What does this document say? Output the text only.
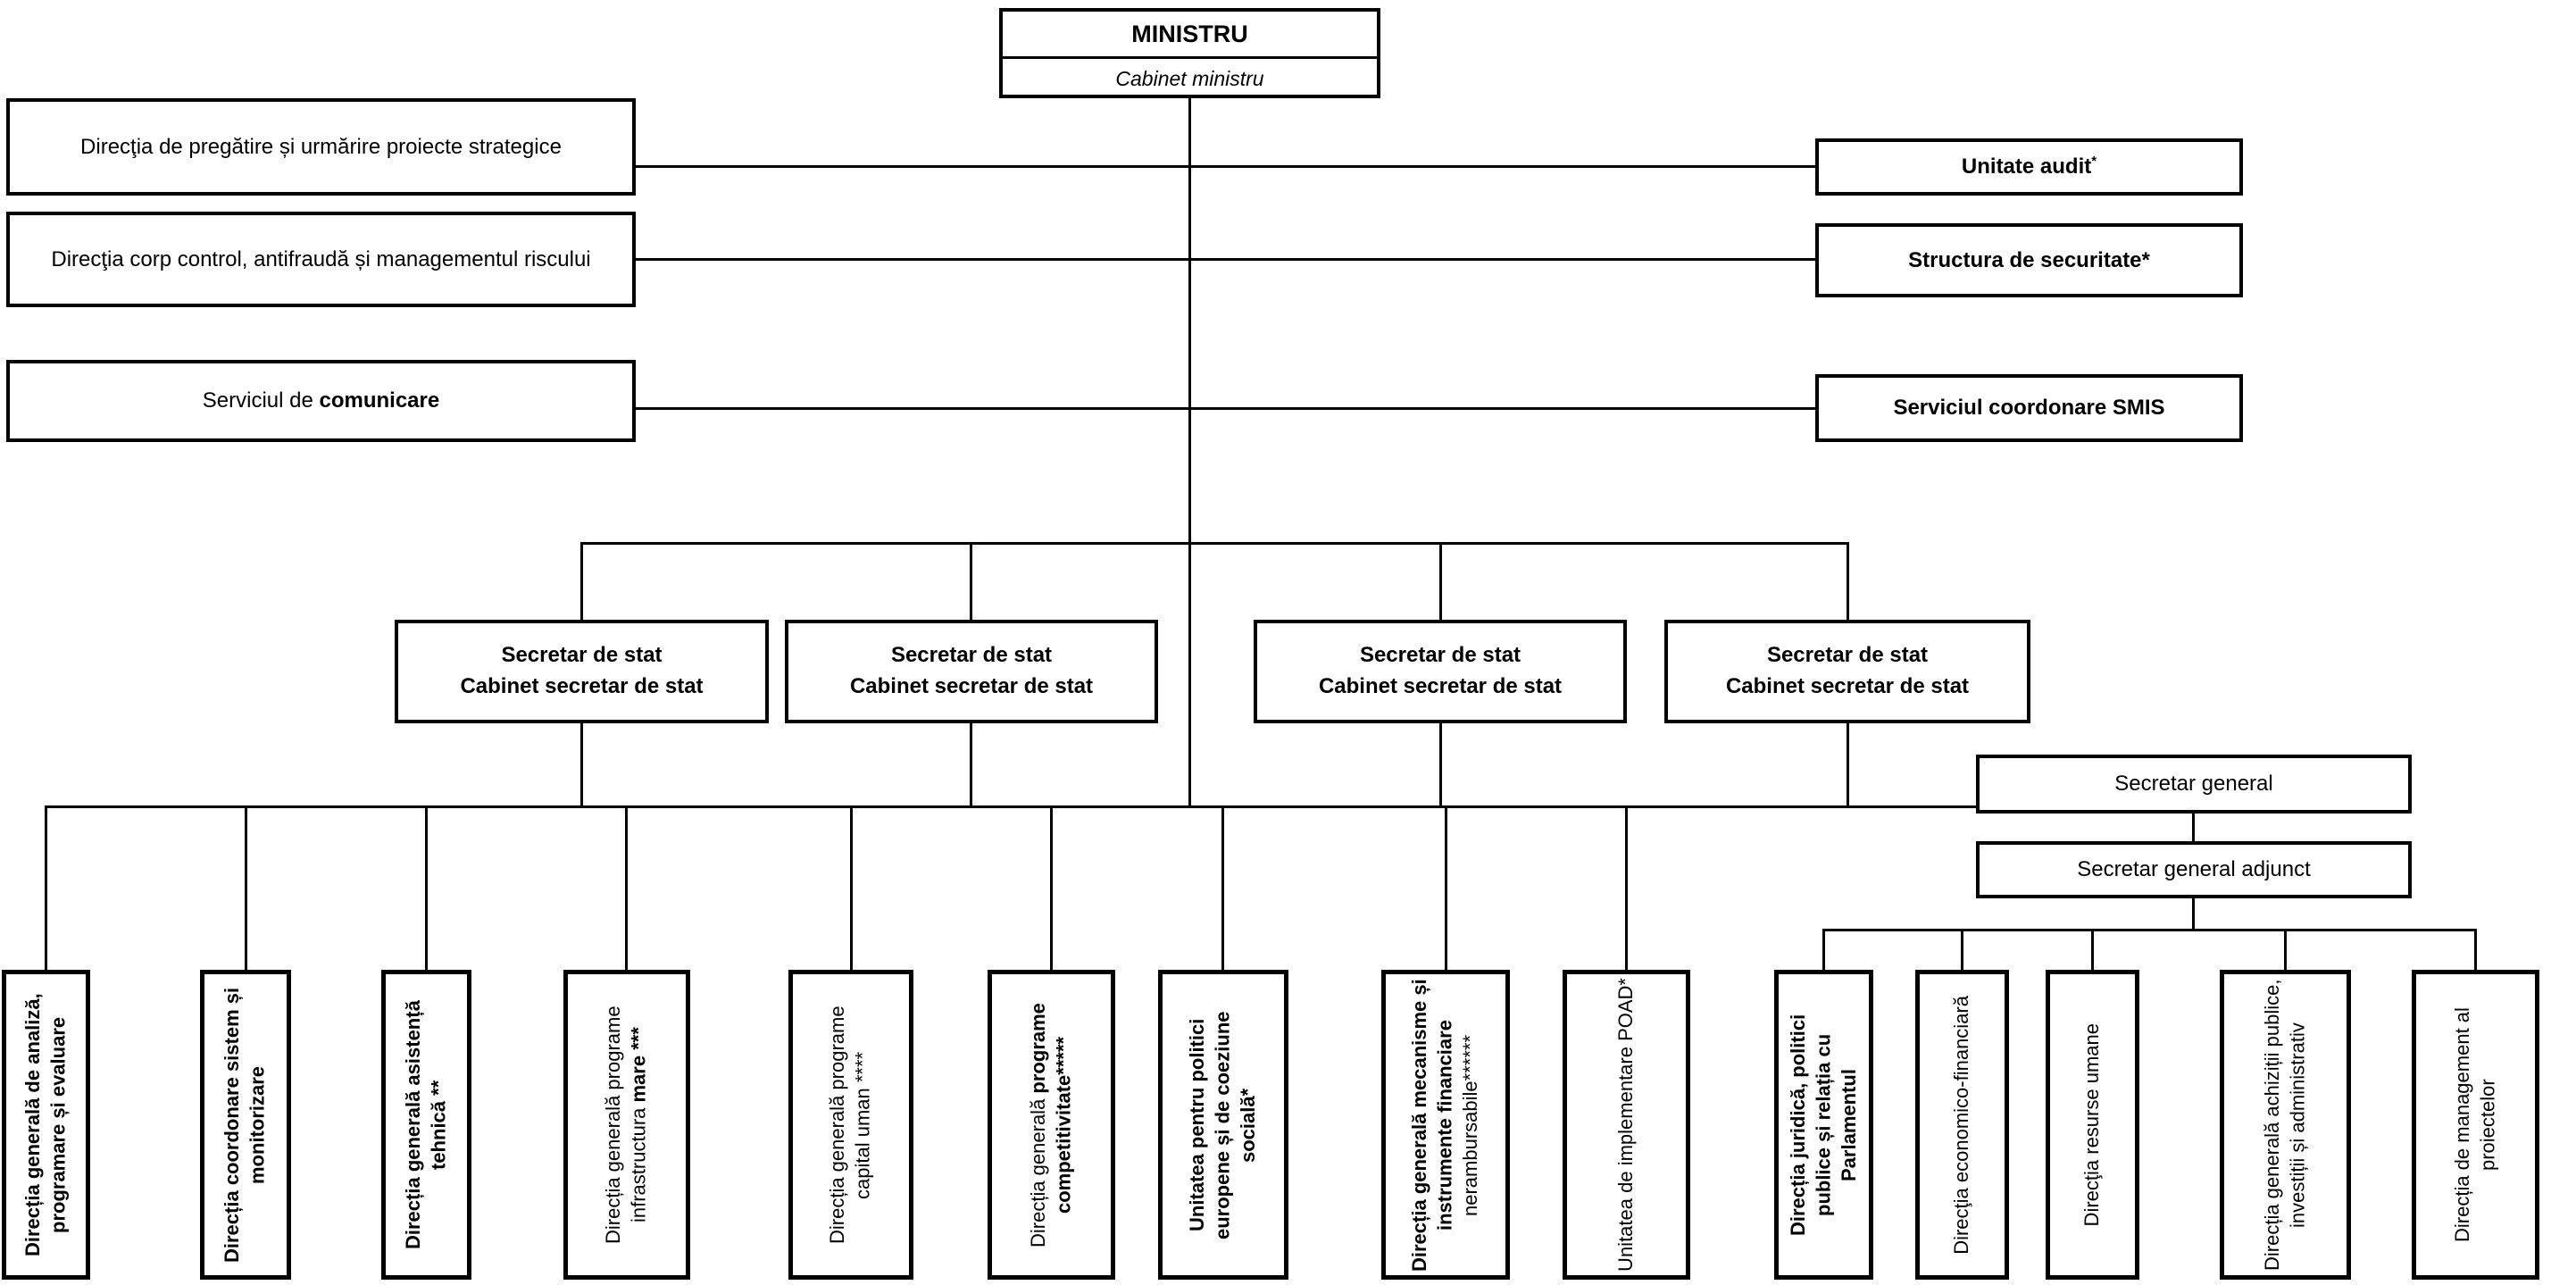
MINISTRU
Cabinet ministru
Direcţia de pregătire și urmărire proiecte strategice
Direcţia corp control, antifraudă și managementul riscului
Serviciul de comunicare
Unitate audit*
Structura de securitate*
Serviciul coordonare SMIS
Secretar de stat
Cabinet secretar de stat
Secretar de stat
Cabinet secretar de stat
Secretar de stat
Cabinet secretar de stat
Secretar de stat
Cabinet secretar de stat
Secretar general
Secretar general adjunct
Direcția generală de analiză, programare și evaluare	Direcția coordonare sistem și monitorizare	Direcția generală asistență tehnică **	Direcția generală programe infrastructura mare ***	Direcția generală programe capital uman ****	Direcția generală programe competitivitate*****	Unitatea pentru politici europene și de coeziune socială*	Direcția generală mecanisme și instrumente financiare nerambursabile******	Unitatea de implementare POAD*	Direcția juridică, politici publice și relația cu Parlamentul	Direcţia economico-financiară	Direcţia resurse umane	Direcția generală achiziții publice, investiții și administrativ	Direcția de management al proiectelor
